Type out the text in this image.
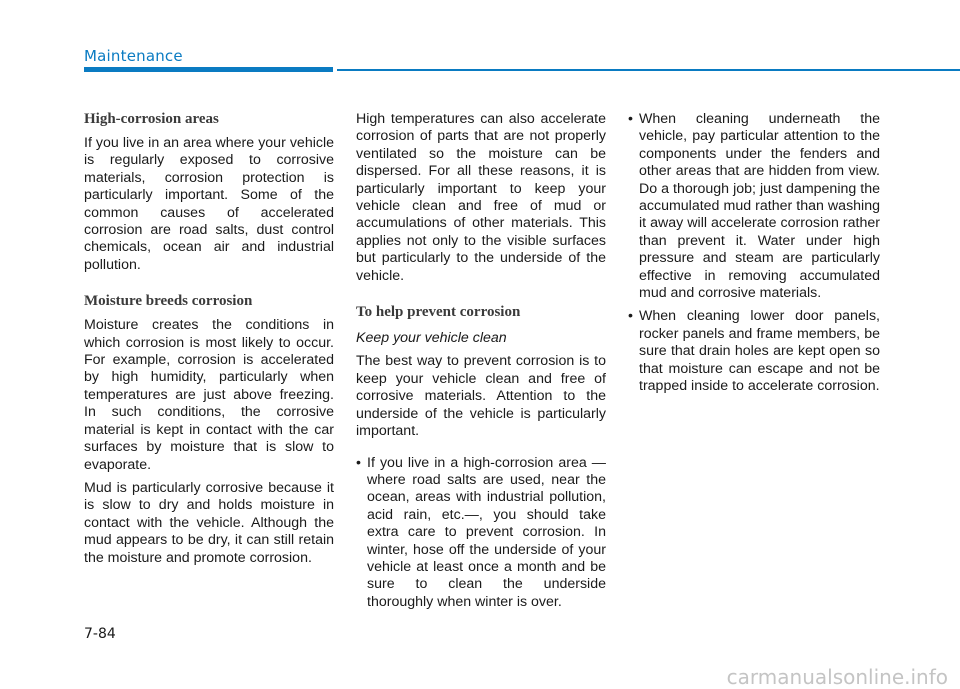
Maintenance
High-corrosion areas

If you live in an area where your vehicle is regularly exposed to corrosive materials, corrosion protection is particularly important. Some of the common causes of accelerated corrosion are road salts, dust control chemicals, ocean air and industrial pollution.

Moisture breeds corrosion

Moisture creates the conditions in which corrosion is most likely to occur. For example, corrosion is accelerated by high humidity, particularly when temperatures are just above freezing. In such conditions, the corrosive material is kept in contact with the car surfaces by moisture that is slow to evaporate.

Mud is particularly corrosive because it is slow to dry and holds moisture in contact with the vehicle. Although the mud appears to be dry, it can still retain the moisture and promote corrosion.

High temperatures can also accelerate corrosion of parts that are not properly ventilated so the moisture can be dispersed. For all these reasons, it is particularly important to keep your vehicle clean and free of mud or accumulations of other materials. This applies not only to the visible surfaces but particularly to the underside of the vehicle.

To help prevent corrosion
Keep your vehicle clean

The best way to prevent corrosion is to keep your vehicle clean and free of corrosive materials. Attention to the underside of the vehicle is particularly important.

• If you live in a high-corrosion area — where road salts are used, near the ocean, areas with industrial pollution, acid rain, etc.—, you should take extra care to prevent corrosion. In winter, hose off the underside of your vehicle at least once a month and be sure to clean the underside thoroughly when winter is over.
• When cleaning underneath the vehicle, pay particular attention to the components under the fenders and other areas that are hidden from view. Do a thorough job; just dampening the accumulated mud rather than washing it away will accelerate corrosion rather than prevent it. Water under high pressure and steam are particularly effective in removing accumulated mud and corrosive materials.
• When cleaning lower door panels, rocker panels and frame members, be sure that drain holes are kept open so that moisture can escape and not be trapped inside to accelerate corrosion.
7-84
carmanualsonline.info
